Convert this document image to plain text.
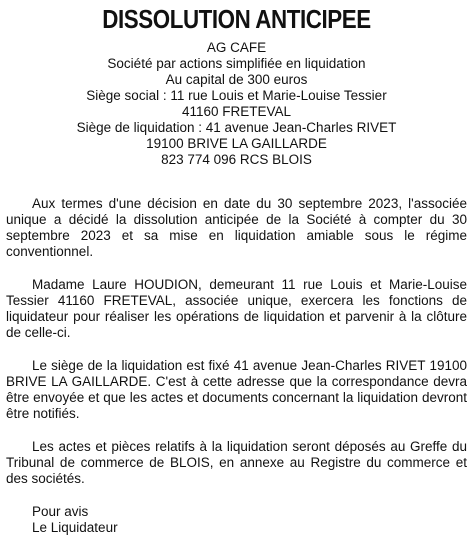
DISSOLUTION ANTICIPEE
AG CAFE
Société par actions simplifiée en liquidation
Au capital de 300 euros
Siège social : 11 rue Louis et Marie-Louise Tessier
41160 FRETEVAL
Siège de liquidation : 41 avenue Jean-Charles RIVET
19100 BRIVE LA GAILLARDE
823 774 096 RCS BLOIS

Aux termes d'une décision en date du 30 septembre 2023, l'associée unique a décidé la dissolution anticipée de la Société à compter du 30 septembre 2023 et sa mise en liquidation amiable sous le régime conventionnel.

Madame Laure HOUDION, demeurant 11 rue Louis et Marie-Louise Tessier 41160 FRETEVAL, associée unique, exercera les fonctions de liquidateur pour réaliser les opérations de liquidation et parvenir à la clôture de celle-ci.

Le siège de la liquidation est fixé 41 avenue Jean-Charles RIVET 19100 BRIVE LA GAILLARDE. C'est à cette adresse que la correspondance devra être envoyée et que les actes et documents concernant la liquidation devront être notifiés.

Les actes et pièces relatifs à la liquidation seront déposés au Greffe du Tribunal de commerce de BLOIS, en annexe au Registre du commerce et des sociétés.

Pour avis
Le Liquidateur
